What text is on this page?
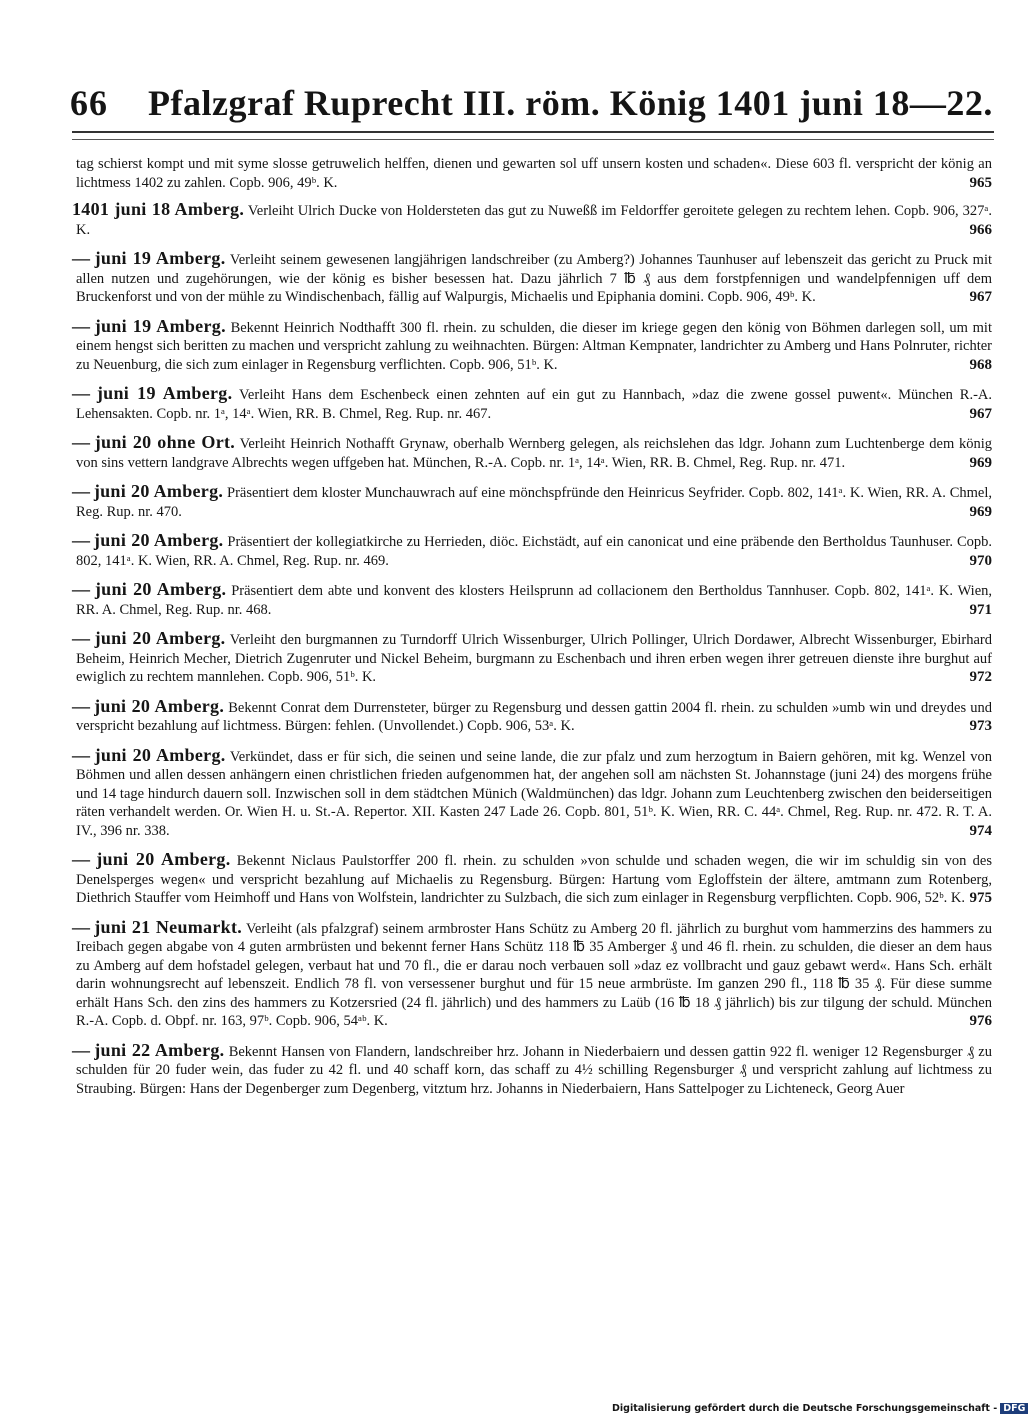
66 Pfalzgraf Ruprecht III. röm. König 1401 juni 18—22.
tag schierst kompt und mit syme slosse getruwelich helffen, dienen und gewarten sol uff unsern kosten und schaden«. Diese 603 fl. verspricht der könig an lichtmess 1402 zu zahlen. Copb. 906, 49ᵇ. K.	965
1401 juni 18 Amberg. Verleiht Ulrich Ducke von Holdersteten das gut zu Nuweßß im Feldorffer geroitete gelegen zu rechtem lehen. Copb. 906, 327ᵃ. K.	966
— juni 19 Amberg. Verleiht seinem gewesenen langjährigen landschreiber (zu Amberg?) Johannes Taunhuser auf lebenszeit das gericht zu Pruck mit allen nutzen und zugehörungen, wie der könig es bisher besessen hat. Dazu jährlich 7 ℔ ₰ aus dem forstpfennigen und wandelpfennigen uff dem Bruckenforst und von der mühle zu Windischenbach, fällig auf Walpurgis, Michaelis und Epiphania domini. Copb. 906, 49ᵇ. K.	967
— juni 19 Amberg. Bekennt Heinrich Nodthafft 300 fl. rhein. zu schulden, die dieser im kriege gegen den könig von Böhmen darlegen soll, um mit einem hengst sich beritten zu machen und verspricht zahlung zu weihnachten. Bürgen: Altman Kempnater, landrichter zu Amberg und Hans Polnruter, richter zu Neuenburg, die sich zum einlager in Regensburg verflichten. Copb. 906, 51ᵇ. K.	968
— juni 19 Amberg. Verleiht Hans dem Eschenbeck einen zehnten auf ein gut zu Hannbach, »daz die zwene gossel puwent«. München R.-A. Lehensakten. Copb. nr. 1ᵃ, 14ᵃ. Wien, RR. B. Chmel, Reg. Rup. nr. 467.	967
— juni 20 ohne Ort. Verleiht Heinrich Nothafft Grynaw, oberhalb Wernberg gelegen, als reichslehen das ldgr. Johann zum Luchtenberge dem könig von sins vettern landgrave Albrechts wegen uffgeben hat. München, R.-A. Copb. nr. 1ᵃ, 14ᵃ. Wien, RR. B. Chmel, Reg. Rup. nr. 471.	969
— juni 20 Amberg. Präsentiert dem kloster Munchauwrach auf eine mönchspfründe den Heinricus Seyfrider. Copb. 802, 141ᵃ. K. Wien, RR. A. Chmel, Reg. Rup. nr. 470.	969
— juni 20 Amberg. Präsentiert der kollegiatkirche zu Herrieden, diöc. Eichstädt, auf ein canonicat und eine präbende den Bertholdus Taunhuser. Copb. 802, 141ᵃ. K. Wien, RR. A. Chmel, Reg. Rup. nr. 469.	970
— juni 20 Amberg. Präsentiert dem abte und konvent des klosters Heilsprunn ad collacionem den Bertholdus Tannhuser. Copb. 802, 141ᵃ. K. Wien, RR. A. Chmel, Reg. Rup. nr. 468.	971
— juni 20 Amberg. Verleiht den burgmannen zu Turndorff Ulrich Wissenburger, Ulrich Pollinger, Ulrich Dordawer, Albrecht Wissenburger, Ebirhard Beheim, Heinrich Mecher, Dietrich Zugenruter und Nickel Beheim, burgmann zu Eschenbach und ihren erben wegen ihrer getreuen dienste ihre burghut auf ewiglich zu rechtem mannlehen. Copb. 906, 51ᵇ. K.	972
— juni 20 Amberg. Bekennt Conrat dem Durrensteter, bürger zu Regensburg und dessen gattin 2004 fl. rhein. zu schulden »umb win und dreydes und verspricht bezahlung auf lichtmess. Bürgen: fehlen. (Unvollendet.) Copb. 906, 53ᵃ. K.	973
— juni 20 Amberg. Verkündet, dass er für sich, die seinen und seine lande, die zur pfalz und zum herzogtum in Baiern gehören, mit kg. Wenzel von Böhmen und allen dessen anhängern einen christlichen frieden aufgenommen hat, der angehen soll am nächsten St. Johannstage (juni 24) des morgens frühe und 14 tage hindurch dauern soll. Inzwischen soll in dem städtchen Münich (Waldmünchen) das ldgr. Johann zum Leuchtenberg zwischen den beiderseitigen räten verhandelt werden. Or. Wien H. u. St.-A. Repertor. XII. Kasten 247 Lade 26. Copb. 801, 51ᵇ. K. Wien, RR. C. 44ᵃ. Chmel, Reg. Rup. nr. 472. R. T. A. IV., 396 nr. 338.	974
— juni 20 Amberg. Bekennt Niclaus Paulstorffer 200 fl. rhein. zu schulden »von schulde und schaden wegen, die wir im schuldig sin von des Denelsperges wegen« und verspricht bezahlung auf Michaelis zu Regensburg. Bürgen: Hartung vom Egloffstein der ältere, amtmann zum Rotenberg, Diethrich Stauffer vom Heimhoff und Hans von Wolfstein, landrichter zu Sulzbach, die sich zum einlager in Regensburg verpflichten. Copb. 906, 52ᵇ. K. 975
— juni 21 Neumarkt. Verleiht (als pfalzgraf) seinem armbroster Hans Schütz zu Amberg 20 fl. jährlich zu burghut vom hammerzins des hammers zu Ireibach gegen abgabe von 4 guten armbrüsten und bekennt ferner Hans Schütz 118 ℔ 35 Amberger ₰ und 46 fl. rhein. zu schulden, die dieser an dem haus zu Amberg auf dem hofstadel gelegen, verbaut hat und 70 fl., die er darau noch verbauen soll »daz ez vollbracht und gauz gebawt werd«. Hans Sch. erhält darin wohnungsrecht auf lebenszeit. Endlich 78 fl. von versessener burghut und für 15 neue armbrüste. Im ganzen 290 fl., 118 ℔ 35 ₰. Für diese summe erhält Hans Sch. den zins des hammers zu Kotzersried (24 fl. jährlich) und des hammers zu Laüb (16 ℔ 18 ₰ jährlich) bis zur tilgung der schuld. München R.-A. Copb. d. Obpf. nr. 163, 97ᵇ. Copb. 906, 54ᵃᵇ. K.	976
— juni 22 Amberg. Bekennt Hansen von Flandern, landschreiber hrz. Johann in Niederbaiern und dessen gattin 922 fl. weniger 12 Regensburger ₰ zu schulden für 20 fuder wein, das fuder zu 42 fl. und 40 schaff korn, das schaff zu 4½ schilling Regensburger ₰ und verspricht zahlung auf lichtmess zu Straubing. Bürgen: Hans der Degenberger zum Degenberg, vitztum hrz. Johanns in Niederbaiern, Hans Sattelpoger zu Lichteneck, Georg Auer
Digitalisierung gefördert durch die Deutsche Forschungsgemeinschaft - DFG
